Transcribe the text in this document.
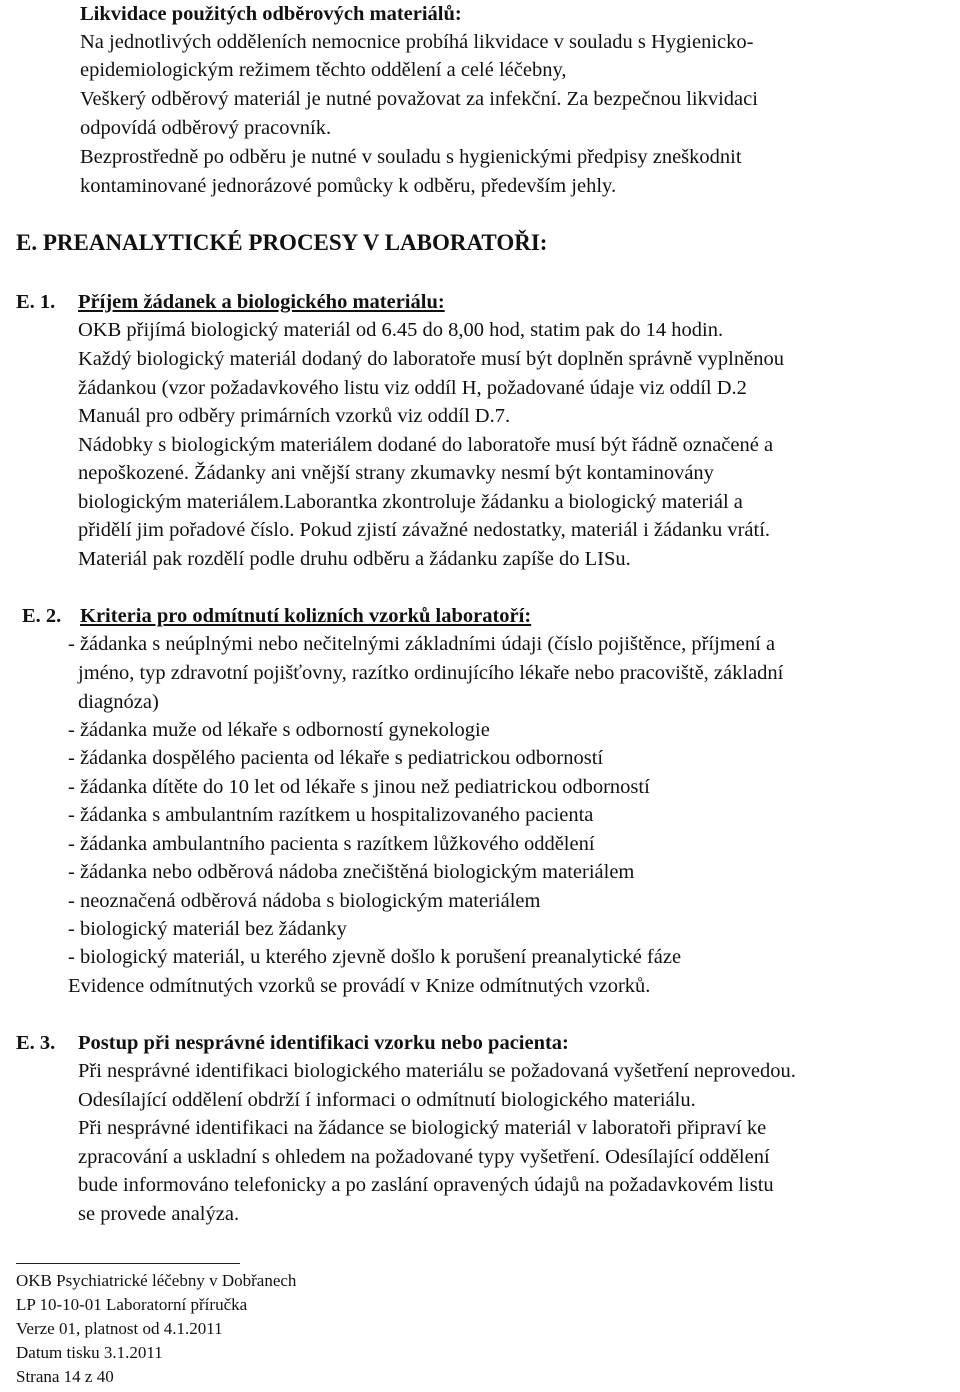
Likvidace použitých odběrových materiálů:
Na jednotlivých odděleních nemocnice probíhá likvidace v souladu s Hygienicko-
epidemiologickým režimem těchto oddělení a celé léčebny,
Veškerý odběrový materiál je nutné považovat za infekční. Za bezpečnou likvidaci
odpovídá odběrový pracovník.
Bezprostředně po odběru je nutné v souladu s hygienickými předpisy zneškodnit
kontaminované jednorázové pomůcky k odběru, především jehly.
E. PREANALYTICKÉ PROCESY V LABORATOŘI:
E. 1. Příjem žádanek a biologického materiálu:
OKB přijímá biologický materiál od 6.45 do 8,00 hod, statim pak do 14 hodin.
Každý biologický materiál dodaný do laboratoře musí být doplněn správně vyplněnou
žádankou (vzor požadavkového listu viz oddíl H, požadované údaje viz oddíl D.2
Manuál pro odběry primárních vzorků viz oddíl D.7.
Nádobky s biologickým materiálem dodané do laboratoře musí být řádně označené a
nepoškozené. Žádanky ani vnější strany zkumavky nesmí být kontaminovány
biologickým materiálem.Laborantka zkontroluje žádanku a biologický materiál a
přidělí jim pořadové číslo. Pokud zjistí závažné nedostatky, materiál i žádanku vrátí.
Materiál pak rozdělí podle druhu odběru a žádanku zapíše do LISu.
E. 2. Kriteria pro odmítnutí kolizních vzorků laboratoří:
- žádanka s neúplnými nebo nečitelnými základními údaji (číslo pojištěnce, příjmení a
jméno, typ zdravotní pojišťovny, razítko ordinujícího lékaře nebo pracoviště, základní
diagnóza)
- žádanka muže od lékaře s odborností gynekologie
- žádanka dospělého pacienta od lékaře s pediatrickou odborností
- žádanka dítěte do 10 let od lékaře s jinou než pediatrickou odborností
- žádanka s ambulantním razítkem u hospitalizovaného pacienta
- žádanka ambulantního pacienta s razítkem lůžkového oddělení
- žádanka nebo odběrová nádoba znečištěná biologickým materiálem
- neoznačená odběrová nádoba s biologickým materiálem
- biologický materiál bez žádanky
- biologický materiál, u kterého zjevně došlo k porušení preanalytické fáze
Evidence odmítnutých vzorků se provádí v Knize odmítnutých vzorků.
E. 3. Postup při nesprávné identifikaci vzorku nebo pacienta:
Při nesprávné identifikaci biologického materiálu se požadovaná vyšetření neprovedou.
Odesílající oddělení obdrží í informaci o odmítnutí biologického materiálu.
Při nesprávné identifikaci na žádance se biologický materiál v laboratoři připraví ke
zpracování a uskladní s ohledem na požadované typy vyšetření. Odesílající oddělení
bude informováno telefonicky a po zaslání opravených údajů na požadavkovém listu
se provede analýza.
OKB Psychiatrické léčebny v Dobřanech
LP 10-10-01 Laboratorní příručka
Verze 01, platnost od 4.1.2011
Datum tisku 3.1.2011
Strana 14 z 40
